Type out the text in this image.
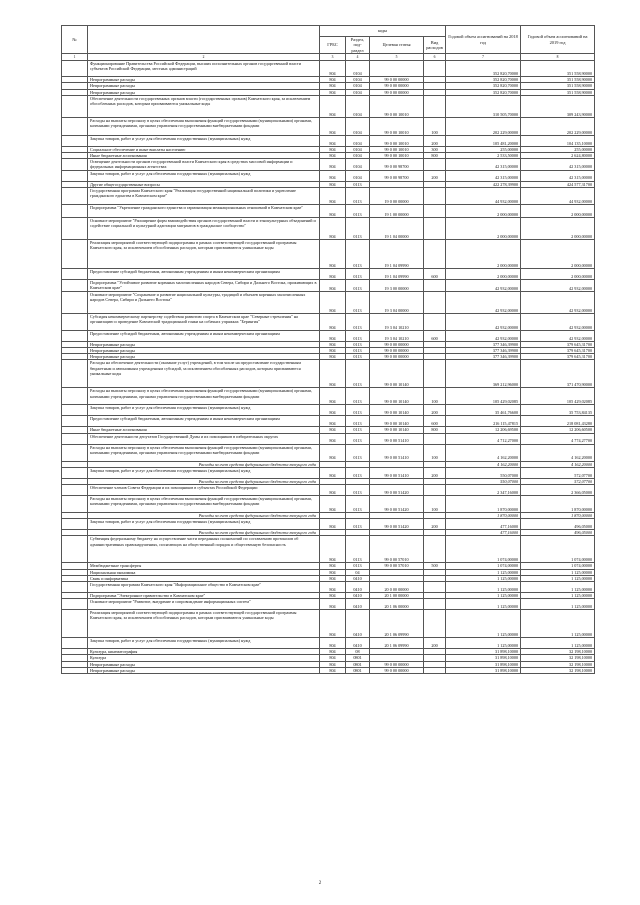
№		коды				Годовой объем ассигнований на 2018 год	Годовой объем ассигнований на 2019 год
		ГРБС	Раздел, под-раздел	Целевая статья	Вид расходов		
1	2	3	4	5	6	7	8
	Функционирование Правительства Российской Федерации, высших исполнительных органов государственной власти субъектов Российской Федерации, местных администраций	804	0104			352 820,70000	351 558,90000
	Непрограммные расходы	804	0104	99 0 00 00000		352 820,70000	351 558,90000
	Непрограммные расходы	804	0104	99 0 00 00000		352 820,70000	351 558,90000
	Непрограммные расходы	804	0104	99 0 00 00000		352 820,70000	351 558,90000
	Обеспечение деятельности государственных органов власти (государственных органов) Камчатского края, за исключением обособленных расходов, которым присваиваются уникальные коды	804	0104	99 0 00 10010		310 505,70000	309 243,90000
	Расходы на выплаты персоналу в целях обеспечения выполнения функций государственными (муниципальными) органами, казенными учреждениями, органами управления государственными внебюджетными фондами	804	0104	99 0 00 10010	100	202 229,00000	202 229,00000
	Закупка товаров, работ и услуг для обеспечения государственных (муниципальных) нужд	804	0104	99 0 00 10010	200	105 481,20000	104 135,10000
	Социальное обеспечение и иные выплаты населению	804	0104	99 0 00 10010	300	255,00000	255,00000
	Иные бюджетные ассигнования	804	0104	99 0 00 10010	800	2 533,50000	2 624,80000
	Освещение деятельности органов государственной власти Камчатского края в средствах массовой информации и федеральных информационных агентствах	804	0104	99 0 00 98700		42 315,00000	42 315,00000
	Закупка товаров, работ и услуг для обеспечения государственных (муниципальных) нужд	804	0104	99 0 00 98700	200	42 315,00000	42 315,00000
	Другие общегосударственные вопросы	804	0113			422 278,39900	424 577,31700
	Государственная программа Камчатского края "Реализация государственной национальной политики и укрепление гражданского единства в Камчатском крае"	804	0113	19 0 00 00000		44 932,00000	44 932,00000
	Подпрограмма "Укрепление гражданского единства и гармонизация межнациональных отношений в Камчатском крае"	804	0113	19 1 00 00000		2 000,00000	2 000,00000
	Основное мероприятие "Расширение форм взаимодействия органов государственной власти и этнокультурных объединений и содействие социальной и культурной адаптации мигрантов в гражданское сообщество"	804	0113	19 1 04 00000		2 000,00000	2 000,00000
	Реализация мероприятий соответствующей подпрограммы в рамках соответствующей государственной программы Камчатского края, за исключением обособленных расходов, которым присваиваются уникальные коды	804	0113	19 1 04 09990		2 000,00000	2 000,00000
	Предоставление субсидий бюджетным, автономным учреждениям и иным некоммерческим организациям	804	0113	19 1 04 09990	600	2 000,00000	2 000,00000
	Подпрограмма "Устойчивое развитие коренных малочисленных народов Севера, Сибири и Дальнего Востока, проживающих в Камчатском крае"	804	0113	19 3 00 00000		42 932,00000	42 932,00000
	Основное мероприятие "Сохранение и развитие национальной культуры, традиций и обычаев коренных малочисленных народов Севера, Сибири и Дальнего Востока"	804	0113	19 3 04 00000		42 932,00000	42 932,00000
	Субсидия некоммерческому партнерству содействия развитию спорта в Камчатском крае "Северные стремления" на организацию и проведение Камчатской традиционной гонки на собачьих упряжках "Берингия"	804	0113	19 3 04 10210		42 932,00000	42 932,00000
	Предоставление субсидий бюджетным, автономным учреждениям и иным некоммерческим организациям	804	0113	19 3 04 10210	600	42 932,00000	42 932,00000
	Непрограммные расходы	804	0113	99 0 00 00000		377 346,39900	379 645,31700
	Непрограммные расходы	804	0113	99 0 00 00000		377 346,39900	379 645,31700
	Непрограммные расходы	804	0113	99 0 00 00000		377 346,39900	379 645,31700
	Расходы на обеспечение деятельности (оказание услуг) учреждений, в том числе на предоставление государственным бюджетным и автономным учреждениям субсидий, за исключением обособленных расходов, которым присваиваются уникальные коды	804	0113	99 0 00 10140		369 212,96000	371 470,90000
	Расходы на выплаты персоналу в целях обеспечения выполнения функций государственными (муниципальными) органами, казенными учреждениями, органами управления государственными внебюджетными фондами	804	0113	99 0 00 10140	100	105 429,02085	105 429,02085
	Закупка товаров, работ и услуг для обеспечения государственных (муниципальных) нужд	804	0113	99 0 00 10140	200	35 461,76600	35 753,84135
	Предоставление субсидий бюджетным, автономным учреждениям и иным некоммерческим организациям	804	0113	99 0 00 10140	600	216 115,47815	218 081,43280
	Иные бюджетные ассигнования	804	0113	99 0 00 10140	800	12 206,69500	12 206,60500
	Обеспечение деятельности депутатов Государственной Думы и их помощников в избирательных округах	804	0113	99 0 00 51410		4 712,27000	4 774,27700
	Расходы на выплаты персоналу в целях обеспечения выполнения функций государственными (муниципальными) органами, казенными учреждениями, органами управления государственными внебюджетными фондами	804	0113	99 0 00 51410	100	4 162,20000	4 162,20000
	Расходы за счет средств федерального бюджета текущего года					4 162,20000	4 162,20000
	Закупка товаров, работ и услуг для обеспечения государственных (муниципальных) нужд	804	0113	99 0 00 51410	200	550,07000	572,07700
	Расходы за счет средств федерального бюджета текущего года					550,07000	572,07700
	Обеспечение членов Совета Федерации и их помощников в субъектах Российской Федерации	804	0113	99 0 00 51420		2 347,16000	2 366,05000
	Расходы на выплаты персоналу в целях обеспечения выполнения функций государственными (муниципальными) органами, казенными учреждениями, органами управления государственными внебюджетными фондами	804	0113	99 0 00 51420	100	1 870,00000	1 870,00000
	Расходы за счет средств федерального бюджета текущего года					1 870,00000	1 870,00000
	Закупка товаров, работ и услуг для обеспечения государственных (муниципальных) нужд	804	0113	99 0 00 51420	200	477,16000	496,05000
	Расходы за счет средств федерального бюджета текущего года					477,16000	496,05000
	Субвенция федеральному бюджету на осуществление части переданных полномочий по составлению протоколов об административных правонарушениях, посягающих на общественный порядок и общественную безопасность	804	0113	99 0 00 57010		1 074,00000	1 074,00000
	Межбюджетные трансферты	804	0113	99 0 00 57010	500	1 074,00000	1 074,00000
	Национальная экономика	804	04			1 125,00000	1 125,00000
	Связь и информатика	804	0410			1 125,00000	1 125,00000
	Государственная программа Камчатского края "Информационное общество в Камчатском крае"	804	0410	20 0 00 00000		1 125,00000	1 125,00000
	Подпрограмма "Электронное правительство в Камчатском крае"	804	0410	20 1 00 00000		1 125,00000	1 125,00000
	Основное мероприятие "Развитие, внедрение и сопровождение информационных систем"	804	0410	20 1 06 00000		1 125,00000	1 125,00000
	Реализация мероприятий соответствующей подпрограммы в рамках соответствующей государственной программы Камчатского края, за исключением обособленных расходов, которым присваиваются уникальные коды	804	0410	20 1 06 09990		1 125,00000	1 125,00000
	Закупка товаров, работ и услуг для обеспечения государственных (муниципальных) нужд	804	0410	20 1 06 09990	200	1 125,00000	1 125,00000
	Культура, кинематография	804	08			31 898,10000	32 198,10000
	Культура	804	0801			31 898,10000	32 198,10000
	Непрограммные расходы	804	0801	99 0 00 00000		31 898,10000	32 198,10000
	Непрограммные расходы	804	0801	99 0 00 00000		31 898,10000	32 198,10000
2
